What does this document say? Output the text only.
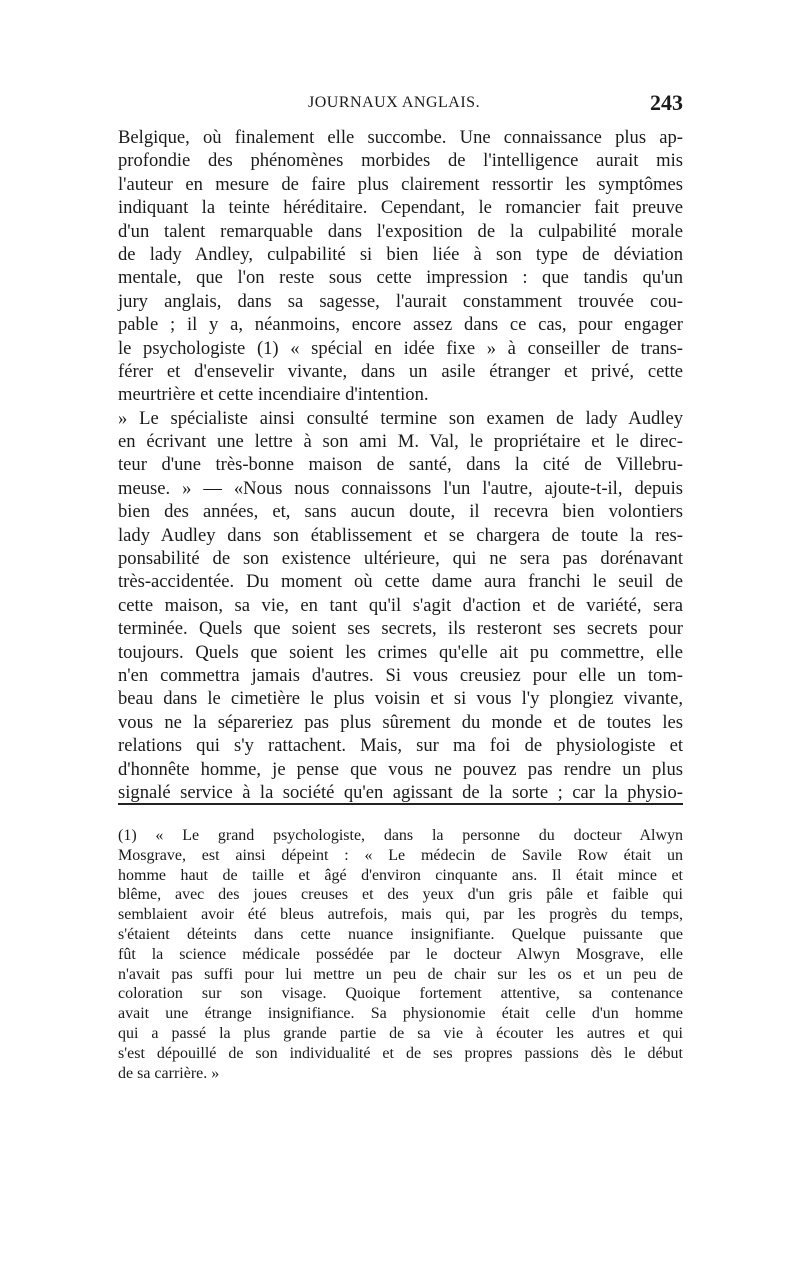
JOURNAUX ANGLAIS.	243
Belgique, où finalement elle succombe. Une connaissance plus ap-
profondie des phénomènes morbides de l'intelligence aurait mis
l'auteur en mesure de faire plus clairement ressortir les symptômes
indiquant la teinte héréditaire. Cependant, le romancier fait preuve
d'un talent remarquable dans l'exposition de la culpabilité morale
de lady Andley, culpabilité si bien liée à son type de déviation
mentale, que l'on reste sous cette impression : que tandis qu'un
jury anglais, dans sa sagesse, l'aurait constamment trouvée cou-
pable ; il y a, néanmoins, encore assez dans ce cas, pour engager
le psychologiste (1) « spécial en idée fixe » à conseiller de trans-
férer et d'ensevelir vivante, dans un asile étranger et privé, cette
meurtrière et cette incendiaire d'intention.
» Le spécialiste ainsi consulté termine son examen de lady Audley
en écrivant une lettre à son ami M. Val, le propriétaire et le direc-
teur d'une très-bonne maison de santé, dans la cité de Villebru-
meuse. » — «Nous nous connaissons l'un l'autre, ajoute-t-il, depuis
bien des années, et, sans aucun doute, il recevra bien volontiers
lady Audley dans son établissement et se chargera de toute la res-
ponsabilité de son existence ultérieure, qui ne sera pas dorénavant
très-accidentée. Du moment où cette dame aura franchi le seuil de
cette maison, sa vie, en tant qu'il s'agit d'action et de variété, sera
terminée. Quels que soient ses secrets, ils resteront ses secrets pour
toujours. Quels que soient les crimes qu'elle ait pu commettre, elle
n'en commettra jamais d'autres. Si vous creusiez pour elle un tom-
beau dans le cimetière le plus voisin et si vous l'y plongiez vivante,
vous ne la sépareriez pas plus sûrement du monde et de toutes les
relations qui s'y rattachent. Mais, sur ma foi de physiologiste et
d'honnête homme, je pense que vous ne pouvez pas rendre un plus
signalé service à la société qu'en agissant de la sorte ; car la physio-
(1) « Le grand psychologiste, dans la personne du docteur Alwyn
Mosgrave, est ainsi dépeint : « Le médecin de Savile Row était un
homme haut de taille et âgé d'environ cinquante ans. Il était mince et
blême, avec des joues creuses et des yeux d'un gris pâle et faible qui
semblaient avoir été bleus autrefois, mais qui, par les progrès du temps,
s'étaient déteints dans cette nuance insignifiante. Quelque puissante que
fût la science médicale possédée par le docteur Alwyn Mosgrave, elle
n'avait pas suffi pour lui mettre un peu de chair sur les os et un peu de
coloration sur son visage. Quoique fortement attentive, sa contenance
avait une étrange insignifiance. Sa physionomie était celle d'un homme
qui a passé la plus grande partie de sa vie à écouter les autres et qui
s'est dépouillé de son individualité et de ses propres passions dès le début
de sa carrière. »
